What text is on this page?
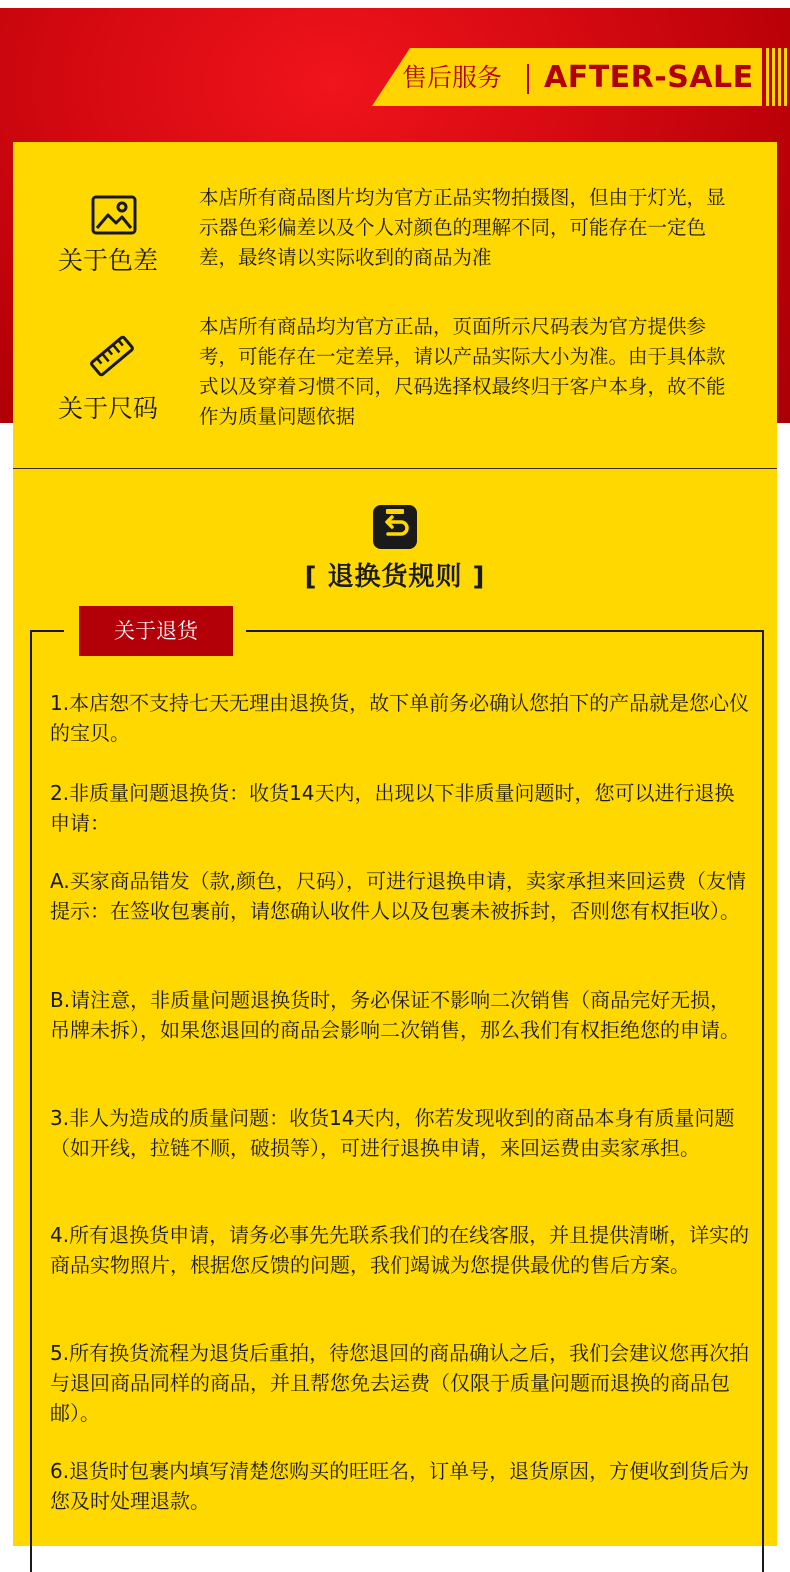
售后服务 AFTER-SALE
关于色差

本店所有商品图片均为官方正品实物拍摄图，但由于灯光，显示器色彩偏差以及个人对颜色的理解不同，可能存在一定色差，最终请以实际收到的商品为准

关于尺码

本店所有商品均为官方正品，页面所示尺码表为官方提供参考，可能存在一定差异，请以产品实际大小为准。由于具体款式以及穿着习惯不同，尺码选择权最终归于客户本身，故不能作为质量问题依据

[ 退换货规则 ]
关于退货

1.本店恕不支持七天无理由退换货，故下单前务必确认您拍下的产品就是您心仪的宝贝。

2.非质量问题退换货：收货14天内，出现以下非质量问题时，您可以进行退换申请：

A.买家商品错发（款,颜色，尺码），可进行退换申请，卖家承担来回运费（友情提示：在签收包裹前，请您确认收件人以及包裹未被拆封，否则您有权拒收）。

B.请注意，非质量问题退换货时，务必保证不影响二次销售（商品完好无损，吊牌未拆），如果您退回的商品会影响二次销售，那么我们有权拒绝您的申请。

3.非人为造成的质量问题：收货14天内，你若发现收到的商品本身有质量问题（如开线，拉链不顺，破损等），可进行退换申请，来回运费由卖家承担。

4.所有退换货申请，请务必事先先联系我们的在线客服，并且提供清晰，详实的商品实物照片，根据您反馈的问题，我们竭诚为您提供最优的售后方案。

5.所有换货流程为退货后重拍，待您退回的商品确认之后，我们会建议您再次拍与退回商品同样的商品，并且帮您免去运费（仅限于质量问题而退换的商品包邮）。

6.退货时包裹内填写清楚您购买的旺旺名，订单号，退货原因，方便收到货后为您及时处理退款。
